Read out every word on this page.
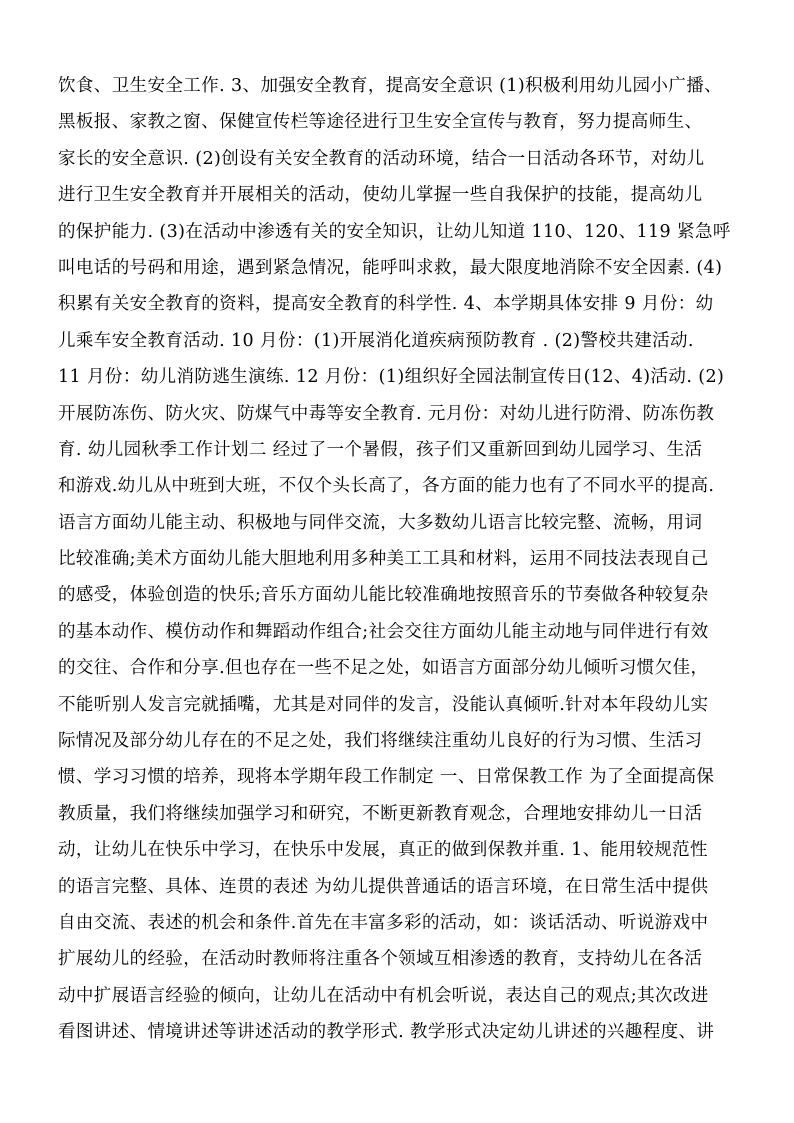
饮食、卫生安全工作. 3、加强安全教育，提高安全意识 (1)积极利用幼儿园小广播、
黑板报、家教之窗、保健宣传栏等途径进行卫生安全宣传与教育，努力提高师生、
家长的安全意识. (2)创设有关安全教育的活动环境，结合一日活动各环节，对幼儿
进行卫生安全教育并开展相关的活动，使幼儿掌握一些自我保护的技能，提高幼儿
的保护能力. (3)在活动中渗透有关的安全知识，让幼儿知道 110、120、119 紧急呼
叫电话的号码和用途，遇到紧急情况，能呼叫求救，最大限度地消除不安全因素. (4)
积累有关安全教育的资料，提高安全教育的科学性. 4、本学期具体安排 9 月份：幼
儿乘车安全教育活动. 10 月份：(1)开展消化道疾病预防教育 . (2)警校共建活动.
11 月份：幼儿消防逃生演练. 12 月份：(1)组织好全园法制宣传日(12、4)活动. (2)
开展防冻伤、防火灾、防煤气中毒等安全教育. 元月份：对幼儿进行防滑、防冻伤教
育. 幼儿园秋季工作计划二 经过了一个暑假，孩子们又重新回到幼儿园学习、生活
和游戏.幼儿从中班到大班，不仅个头长高了，各方面的能力也有了不同水平的提高.
语言方面幼儿能主动、积极地与同伴交流，大多数幼儿语言比较完整、流畅，用词
比较准确;美术方面幼儿能大胆地利用多种美工工具和材料，运用不同技法表现自己
的感受，体验创造的快乐;音乐方面幼儿能比较准确地按照音乐的节奏做各种较复杂
的基本动作、模仿动作和舞蹈动作组合;社会交往方面幼儿能主动地与同伴进行有效
的交往、合作和分享.但也存在一些不足之处，如语言方面部分幼儿倾听习惯欠佳，
不能听别人发言完就插嘴，尤其是对同伴的发言，没能认真倾听.针对本年段幼儿实
际情况及部分幼儿存在的不足之处，我们将继续注重幼儿良好的行为习惯、生活习
惯、学习习惯的培养，现将本学期年段工作制定 一、日常保教工作 为了全面提高保
教质量，我们将继续加强学习和研究，不断更新教育观念，合理地安排幼儿一日活
动，让幼儿在快乐中学习，在快乐中发展，真正的做到保教并重. 1、能用较规范性
的语言完整、具体、连贯的表述 为幼儿提供普通话的语言环境，在日常生活中提供
自由交流、表述的机会和条件.首先在丰富多彩的活动，如：谈话活动、听说游戏中
扩展幼儿的经验，在活动时教师将注重各个领域互相渗透的教育，支持幼儿在各活
动中扩展语言经验的倾向，让幼儿在活动中有机会听说，表达自己的观点;其次改进
看图讲述、情境讲述等讲述活动的教学形式. 教学形式决定幼儿讲述的兴趣程度、讲
